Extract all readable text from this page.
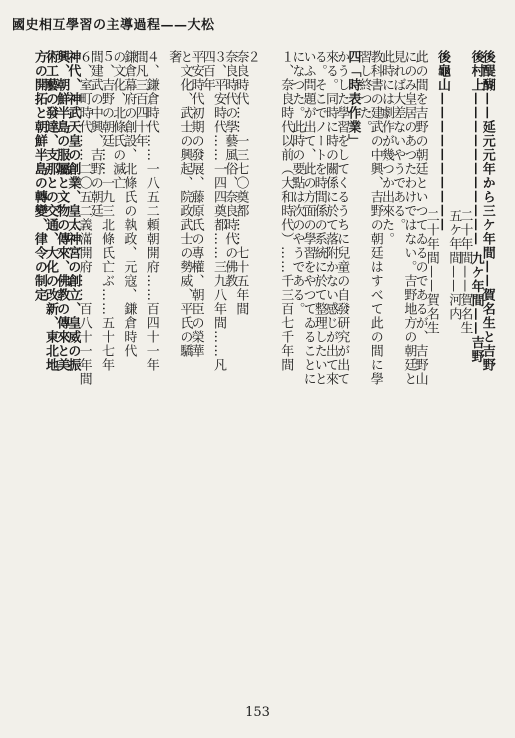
國史相互學習の主導過程——大松
後醍醐——延元元年から三ケ年間——賀名生と吉野
後村上——————————— 九ケ年間——吉野
　　　　　　　　　　　 二十年間——賀名生
　　　　　　　　　　　 五ケ年間——河内
後龜山——————————
　　　　　　　　　　　 二十年間——賀名生
此の間を吉野の朝廷といつてゐるのであるが、吉野山
にのみ皇居のあつたわけではない。吉野地方の朝廷と
見れば大差ないやうである。
此時には劇作が幾つか出來た。
教科書の建武の中興、吉野の朝廷はすべて此の間に學
習し終つた。
四「時表作業」
かうした學習をしてくるうちに兒童の自發研究が出て
來る。同時に時の關係に於て落附かない感じが出て來
る。そこでノートを時間係の系統に於て整理したいと
いふ問題が出て、此の方面の學習をやつてゐることに
になつた。此時の要點は次のやうである。
１、奈良時代以前（大和時代）……千三百七千年間
２
奈良時代……一三七〇奠都……七十五年間
奈良時代の學藝風俗、奈良時代の佛教
３、平安時代……一四四奠都……三九八年間……凡
四百年
平安時代初期の發展、藤原氏の專權、朝臣の榮華
と文化、武士の興起、院政武士の勢威、平氏の驕
奢
４、鎌倉時代……一八五二頼朝開府……百四十一年
間凡三百四十年
鎌倉幕府の創設、北條氏の執政、元寇、鎌倉時代
の文化、北條氏の滅亡
５、吉野の朝廷……一九三北條氏亡ぶ……五十七年
間建武の中興、吉野の朝廷
６、室町時代……二〇五二義滿開府……百八十一年間
神代、神武天皇の創業、皇太神宮の創立、皇威の振
興、朝鮮半島の服屬と文物の傳來、佛教の傳來と美
術工藝の發達、支那との交通、大化の改新、東北地
方の開拓と朝鮮半島の轉變、律令の制定
153
